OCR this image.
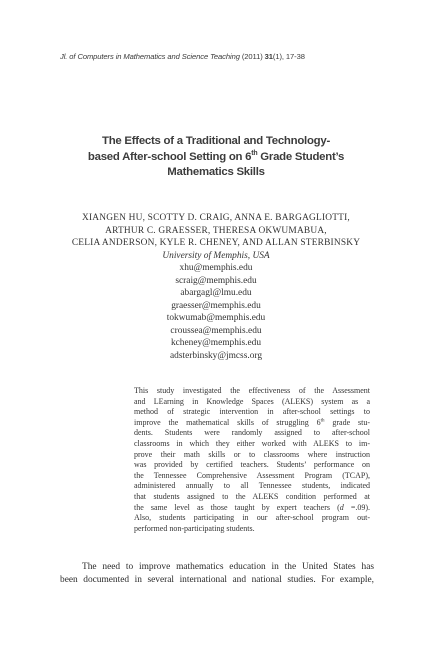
Jl. of Computers in Mathematics and Science Teaching (2011) 31(1), 17-38
The Effects of a Traditional and Technology-
based After-school Setting on 6th Grade Student’s
Mathematics Skills
XIANGEN HU, SCOTTY D. CRAIG, ANNA E. BARGAGLIOTTI,
ARTHUR C. GRAESSER, THERESA OKWUMABUA,
CELIA ANDERSON, KYLE R. CHENEY, AND ALLAN STERBINSKY
University of Memphis, USA
xhu@memphis.edu
scraig@memphis.edu
abargagl@lmu.edu
graesser@memphis.edu
tokwumab@memphis.edu
croussea@memphis.edu
kcheney@memphis.edu
adsterbinsky@jmcss.org
This study investigated the effectiveness of the Assessment
and LEarning in Knowledge Spaces (ALEKS) system as a
method of strategic intervention in after-school settings to
improve the mathematical skills of struggling 6th grade stu-
dents. Students were randomly assigned to after-school
classrooms in which they either worked with ALEKS to im-
prove their math skills or to classrooms where instruction
was provided by certified teachers. Students’ performance on
the Tennessee Comprehensive Assessment Program (TCAP),
administered annually to all Tennessee students, indicated
that students assigned to the ALEKS condition performed at
the same level as those taught by expert teachers (d =.09).
Also, students participating in our after-school program out-
performed non-participating students.
The need to improve mathematics education in the United States has
been documented in several international and national studies. For example,
